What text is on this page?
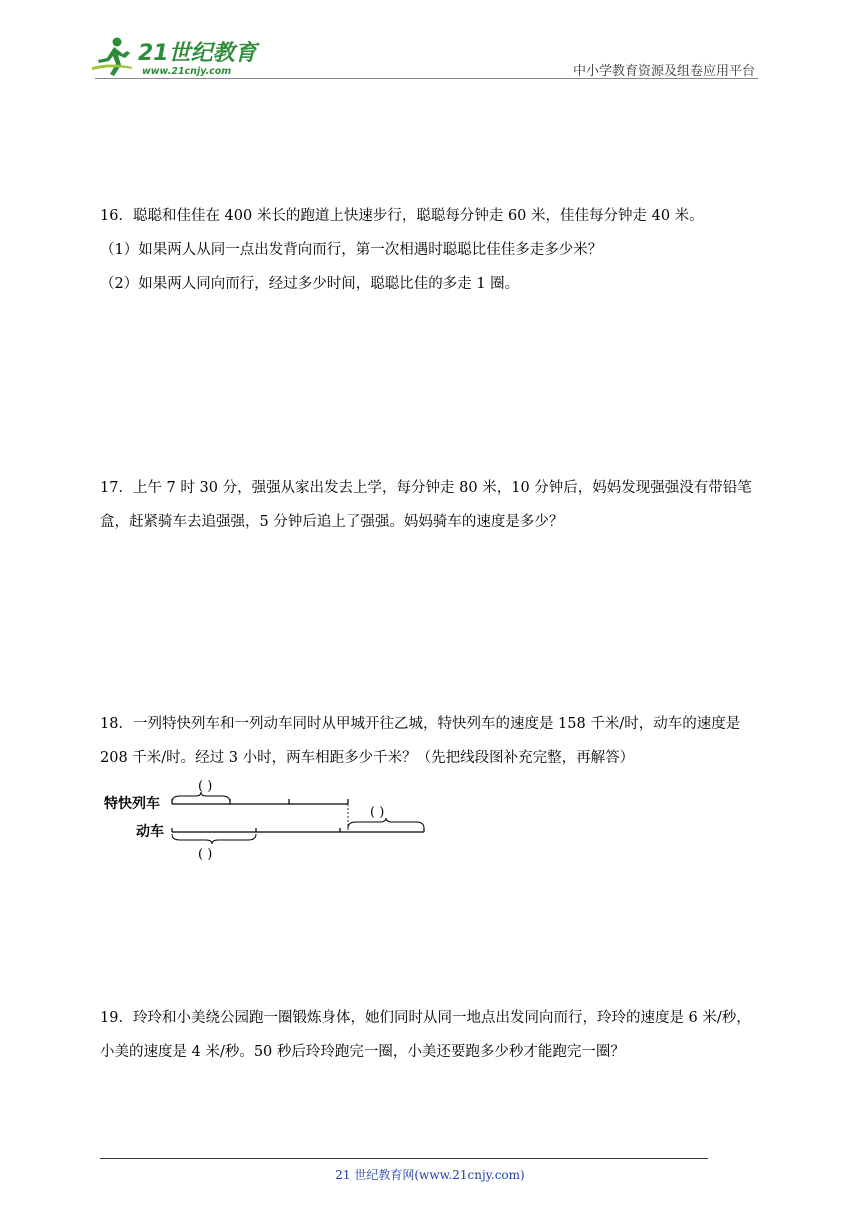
21世纪教育
www.21cnjy.com	中小学教育资源及组卷应用平台

16．聪聪和佳佳在 400 米长的跑道上快速步行，聪聪每分钟走 60 米，佳佳每分钟走 40 米。

（1）如果两人从同一点出发背向而行，第一次相遇时聪聪比佳佳多走多少米？

（2）如果两人同向而行，经过多少时间，聪聪比佳的多走 1 圈。

17．上午 7 时 30 分，强强从家出发去上学，每分钟走 80 米，10 分钟后，妈妈发现强强没有带铅笔

盒，赶紧骑车去追强强，5 分钟后追上了强强。妈妈骑车的速度是多少？

18．一列特快列车和一列动车同时从甲城开往乙城，特快列车的速度是 158 千米/时，动车的速度是

208 千米/时。经过 3 小时，两车相距多少千米？（先把线段图补充完整，再解答）

( )
特快列车
( )
动车
( )

19．玲玲和小美绕公园跑一圈锻炼身体，她们同时从同一地点出发同向而行，玲玲的速度是 6 米/秒，

小美的速度是 4 米/秒。50 秒后玲玲跑完一圈，小美还要跑多少秒才能跑完一圈？

21 世纪教育网(www.21cnjy.com)
